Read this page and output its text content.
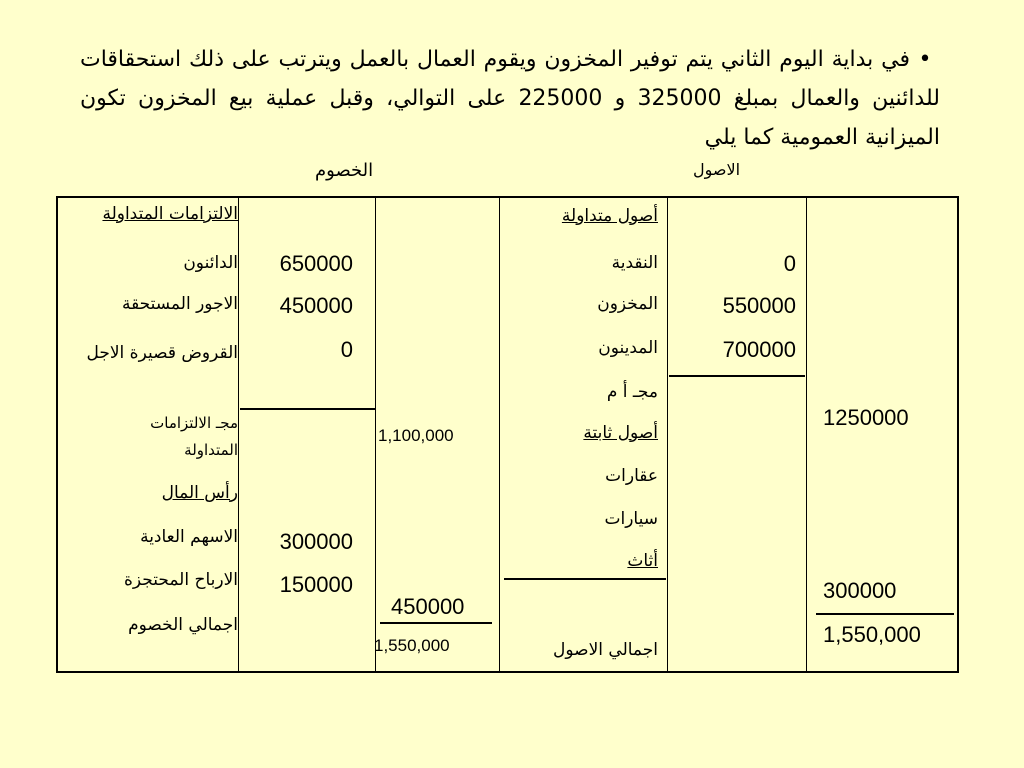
•في بداية اليوم الثاني يتم توفير المخزون ويقوم العمال بالعمل ويترتب على ذلك استحقاقات للدائنين والعمال بمبلغ 325000 و 225000 على التوالي، وقبل عملية بيع المخزون تكون الميزانية العمومية كما يلي
الخصوم	الاصول
الالتزامات المتداولة
الدائنون
الاجور المستحقة
القروض قصيرة الاجل
مجـ الالتزامات المتداولة
رأس المال
الاسهم العادية
الارباح المحتجزة
اجمالي الخصوم
650000
450000
0
1,100,000
300000
150000
450000
1,550,000
أصول متداولة
النقدية
المخزون
المدينون
مجـ أ م
أصول ثابتة
عقارات
سيارات
أثاث
اجمالي الاصول
0
550000
700000
1250000
300000
1,550,000
